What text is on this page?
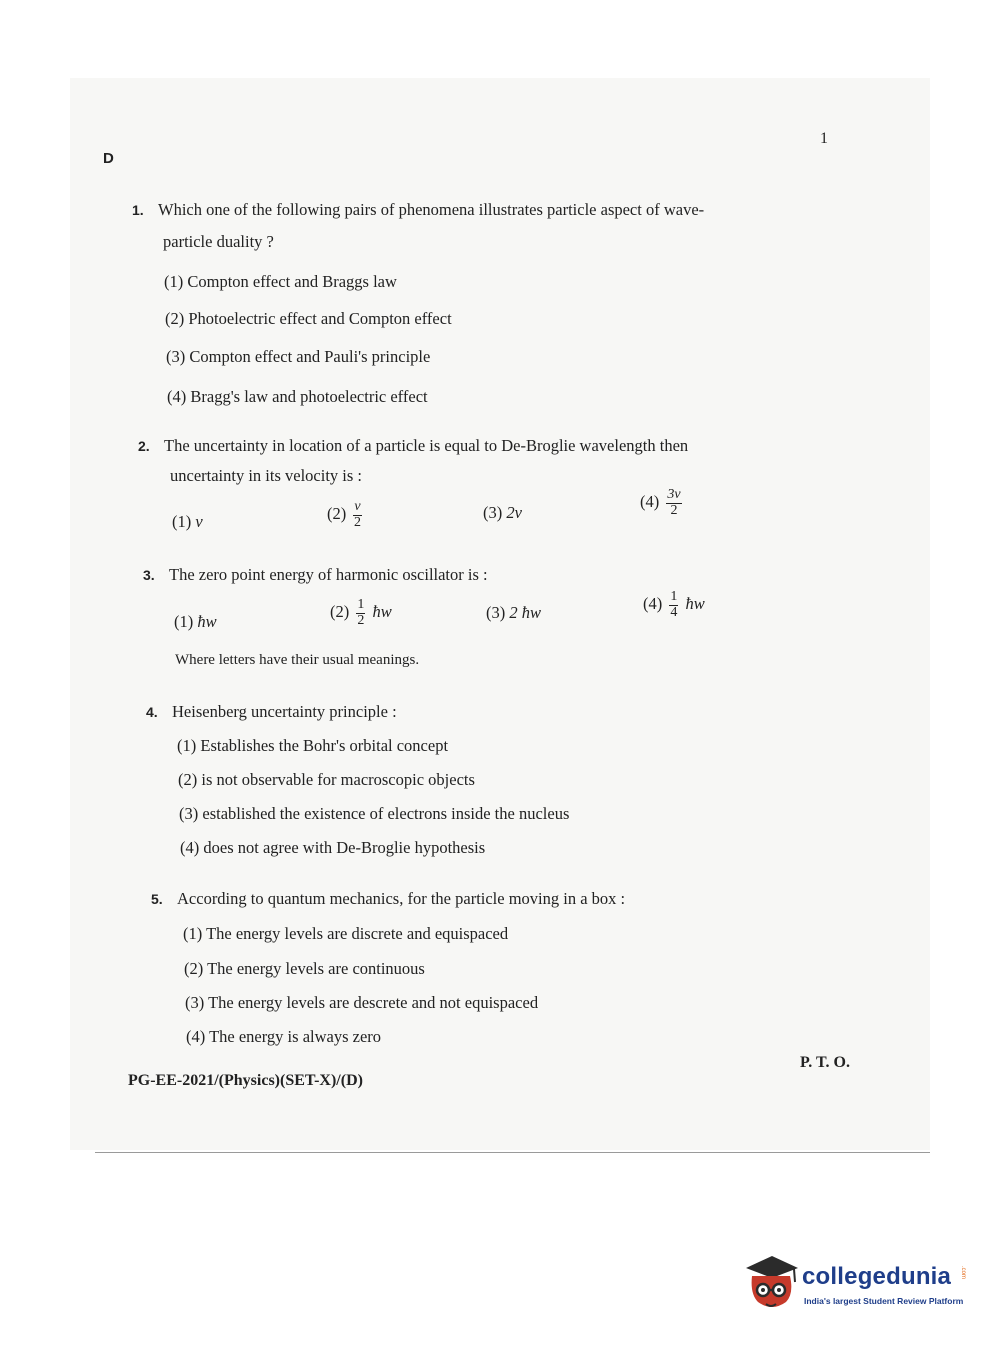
D
1
1. Which one of the following pairs of phenomena illustrates particle aspect of wave-
particle duality ?
(1) Compton effect and Braggs law
(2) Photoelectric effect and Compton effect
(3) Compton effect and Pauli's principle
(4) Bragg's law and photoelectric effect
2. The uncertainty in location of a particle is equal to De-Broglie wavelength then
uncertainty in its velocity is :
(1) v	$(2) \frac{v}{2}$	(3) 2v
$(4) \frac{3v}{2}$
3. The zero point energy of harmonic oscillator is :
(1) ħw
$(2) \frac{1}{2}$ ħw	(3) 2 ħw	$(4) \frac{1}{4}$ ħw
Where letters have their usual meanings.
4. Heisenberg uncertainty principle :
(1) Establishes the Bohr's orbital concept
(2) is not observable for macroscopic objects
(3) established the existence of electrons inside the nucleus
(4) does not agree with De-Broglie hypothesis
5. According to quantum mechanics, for the particle moving in a box :
(1) The energy levels are discrete and equispaced
(2) The energy levels are continuous
(3) The energy levels are descrete and not equispaced
(4) The energy is always zero
PG-EE-2021/(Physics)(SET-X)/(D)
P. T. O.
collegedunia .com
India's largest Student Review Platform
